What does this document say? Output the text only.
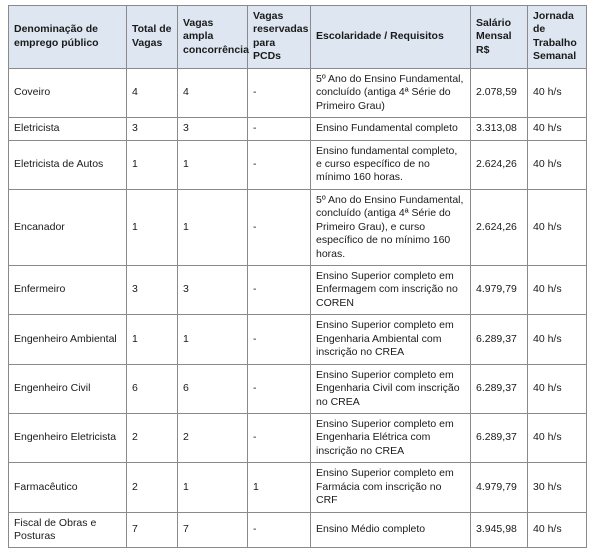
Denominação de emprego público	Total de Vagas	Vagas ampla concorrência	Vagas reservadas para PCDs	Escolaridade / Requisitos	Salário Mensal R$	Jornada de Trabalho Semanal

Coveiro	4	4	-	5º Ano do Ensino Fundamental, concluído (antiga 4ª Série do Primeiro Grau)	2.078,59	40 h/s

Eletricista	3	3	-	Ensino Fundamental completo	3.313,08	40 h/s

Eletricista de Autos	1	1	-	Ensino fundamental completo, e curso específico de no mínimo 160 horas.	2.624,26	40 h/s

Encanador	1	1	-	5º Ano do Ensino Fundamental, concluído (antiga 4ª Série do Primeiro Grau), e curso específico de no mínimo 160 horas.	2.624,26	40 h/s

Enfermeiro	3	3	-	Ensino Superior completo em Enfermagem com inscrição no COREN	4.979,79	40 h/s

Engenheiro Ambiental	1	1	-	Ensino Superior completo em Engenharia Ambiental com inscrição no CREA	6.289,37	40 h/s

Engenheiro Civil	6	6	-	Ensino Superior completo em Engenharia Civil com inscrição no CREA	6.289,37	40 h/s

Engenheiro Eletricista	2	2	-	Ensino Superior completo em Engenharia Elétrica com inscrição no CREA	6.289,37	40 h/s

Farmacêutico	2	1	1	Ensino Superior completo em Farmácia com inscrição no CRF	4.979,79	30 h/s

Fiscal de Obras e Posturas	7	7	-	Ensino Médio completo	3.945,98	40 h/s
